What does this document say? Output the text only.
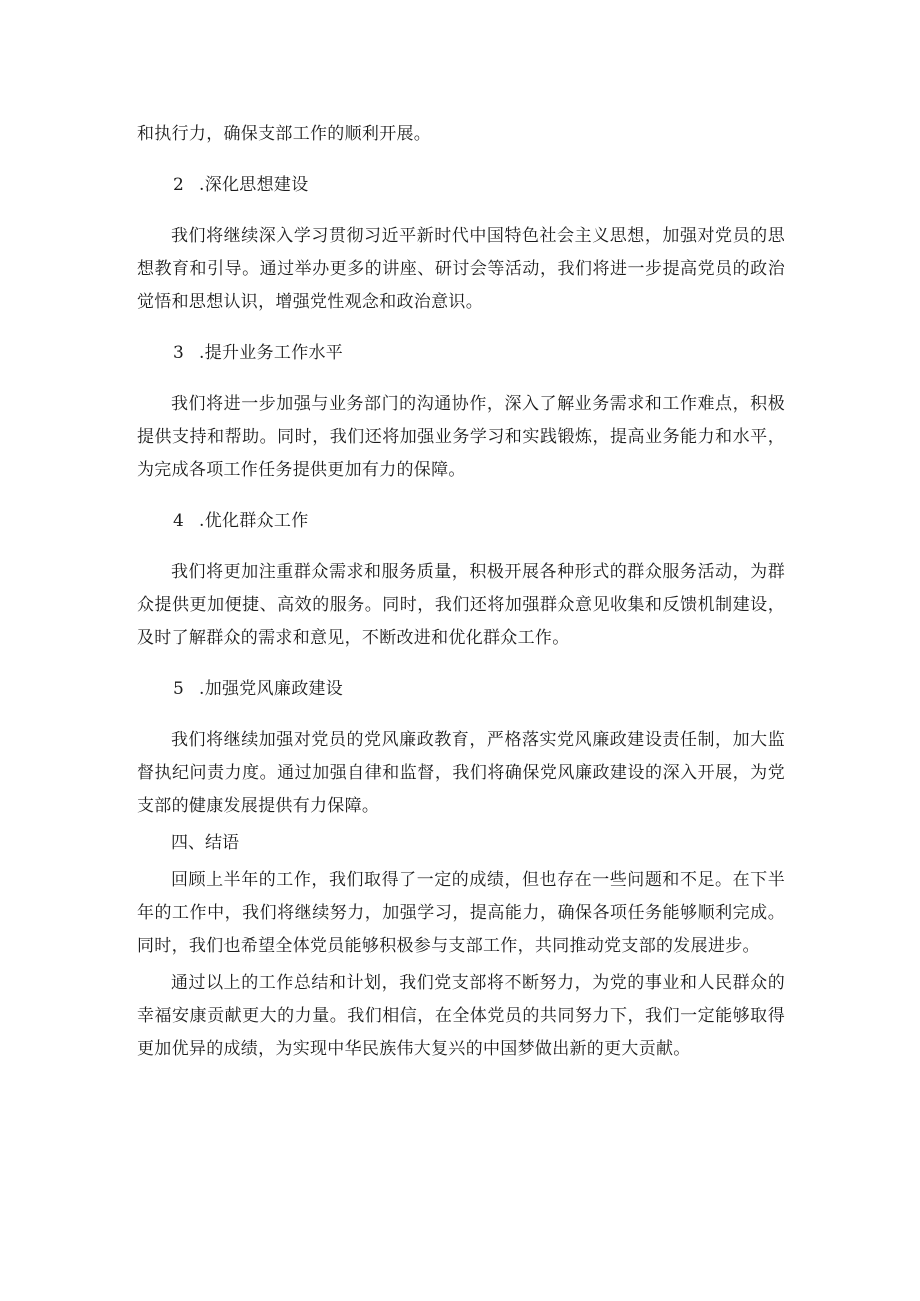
和执行力，确保支部工作的顺利开展。

2 .深化思想建设

我们将继续深入学习贯彻习近平新时代中国特色社会主义思想，加强对党员的思想教育和引导。通过举办更多的讲座、研讨会等活动，我们将进一步提高党员的政治觉悟和思想认识，增强党性观念和政治意识。

3 .提升业务工作水平

我们将进一步加强与业务部门的沟通协作，深入了解业务需求和工作难点，积极提供支持和帮助。同时，我们还将加强业务学习和实践锻炼，提高业务能力和水平，为完成各项工作任务提供更加有力的保障。

4 .优化群众工作

我们将更加注重群众需求和服务质量，积极开展各种形式的群众服务活动，为群众提供更加便捷、高效的服务。同时，我们还将加强群众意见收集和反馈机制建设，及时了解群众的需求和意见，不断改进和优化群众工作。

5 .加强党风廉政建设

我们将继续加强对党员的党风廉政教育，严格落实党风廉政建设责任制，加大监督执纪问责力度。通过加强自律和监督，我们将确保党风廉政建设的深入开展，为党支部的健康发展提供有力保障。

四、结语

回顾上半年的工作，我们取得了一定的成绩，但也存在一些问题和不足。在下半年的工作中，我们将继续努力，加强学习，提高能力，确保各项任务能够顺利完成。同时，我们也希望全体党员能够积极参与支部工作，共同推动党支部的发展进步。

通过以上的工作总结和计划，我们党支部将不断努力，为党的事业和人民群众的幸福安康贡献更大的力量。我们相信，在全体党员的共同努力下，我们一定能够取得更加优异的成绩，为实现中华民族伟大复兴的中国梦做出新的更大贡献。
